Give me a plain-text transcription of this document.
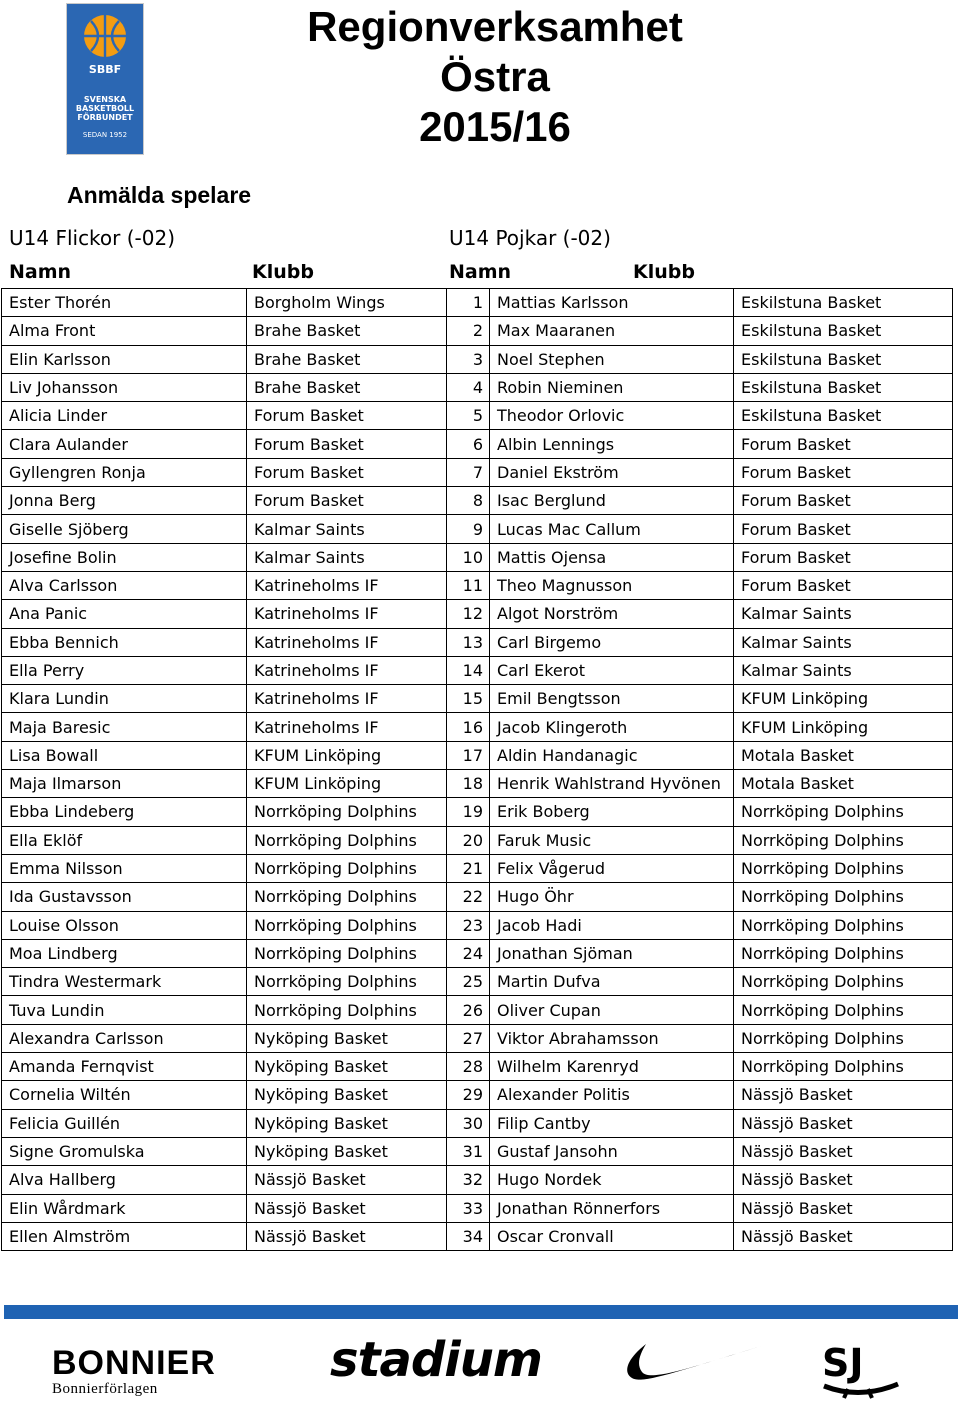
SBBF
SVENSKA
BASKETBOLL
FÖRBUNDET
SEDAN 1952
Regionverksamhet
Östra
2015/16
Anmälda spelare
U14 Flickor (-02)	U14 Pojkar (-02)
Namn	Klubb	Namn	Klubb
Ester Thorén	Borgholm Wings	1	Mattias Karlsson	Eskilstuna Basket
Alma Front	Brahe Basket	2	Max Maaranen	Eskilstuna Basket
Elin Karlsson	Brahe Basket	3	Noel Stephen	Eskilstuna Basket
Liv Johansson	Brahe Basket	4	Robin Nieminen	Eskilstuna Basket
Alicia Linder	Forum Basket	5	Theodor Orlovic	Eskilstuna Basket
Clara Aulander	Forum Basket	6	Albin Lennings	Forum Basket
Gyllengren Ronja	Forum Basket	7	Daniel Ekström	Forum Basket
Jonna Berg	Forum Basket	8	Isac Berglund	Forum Basket
Giselle Sjöberg	Kalmar Saints	9	Lucas Mac Callum	Forum Basket
Josefine Bolin	Kalmar Saints	10	Mattis Ojensa	Forum Basket
Alva Carlsson	Katrineholms IF	11	Theo Magnusson	Forum Basket
Ana Panic	Katrineholms IF	12	Algot Norström	Kalmar Saints
Ebba Bennich	Katrineholms IF	13	Carl Birgemo	Kalmar Saints
Ella Perry	Katrineholms IF	14	Carl Ekerot	Kalmar Saints
Klara Lundin	Katrineholms IF	15	Emil Bengtsson	KFUM Linköping
Maja Baresic	Katrineholms IF	16	Jacob Klingeroth	KFUM Linköping
Lisa Bowall	KFUM Linköping	17	Aldin Handanagic	Motala Basket
Maja Ilmarson	KFUM Linköping	18	Henrik Wahlstrand Hyvönen	Motala Basket
Ebba Lindeberg	Norrköping Dolphins	19	Erik Boberg	Norrköping Dolphins
Ella Eklöf	Norrköping Dolphins	20	Faruk Music	Norrköping Dolphins
Emma Nilsson	Norrköping Dolphins	21	Felix Vågerud	Norrköping Dolphins
Ida Gustavsson	Norrköping Dolphins	22	Hugo Öhr	Norrköping Dolphins
Louise Olsson	Norrköping Dolphins	23	Jacob Hadi	Norrköping Dolphins
Moa Lindberg	Norrköping Dolphins	24	Jonathan Sjöman	Norrköping Dolphins
Tindra Westermark	Norrköping Dolphins	25	Martin Dufva	Norrköping Dolphins
Tuva Lundin	Norrköping Dolphins	26	Oliver Cupan	Norrköping Dolphins
Alexandra Carlsson	Nyköping Basket	27	Viktor Abrahamsson	Norrköping Dolphins
Amanda Fernqvist	Nyköping Basket	28	Wilhelm Karenryd	Norrköping Dolphins
Cornelia Wiltén	Nyköping Basket	29	Alexander Politis	Nässjö Basket
Felicia Guillén	Nyköping Basket	30	Filip Cantby	Nässjö Basket
Signe Gromulska	Nyköping Basket	31	Gustaf Jansohn	Nässjö Basket
Alva Hallberg	Nässjö Basket	32	Hugo Nordek	Nässjö Basket
Elin Wårdmark	Nässjö Basket	33	Jonathan Rönnerfors	Nässjö Basket
Ellen Almström	Nässjö Basket	34	Oscar Cronvall	Nässjö Basket
BONNIER
Bonnierförlagen
stadium	SJ
